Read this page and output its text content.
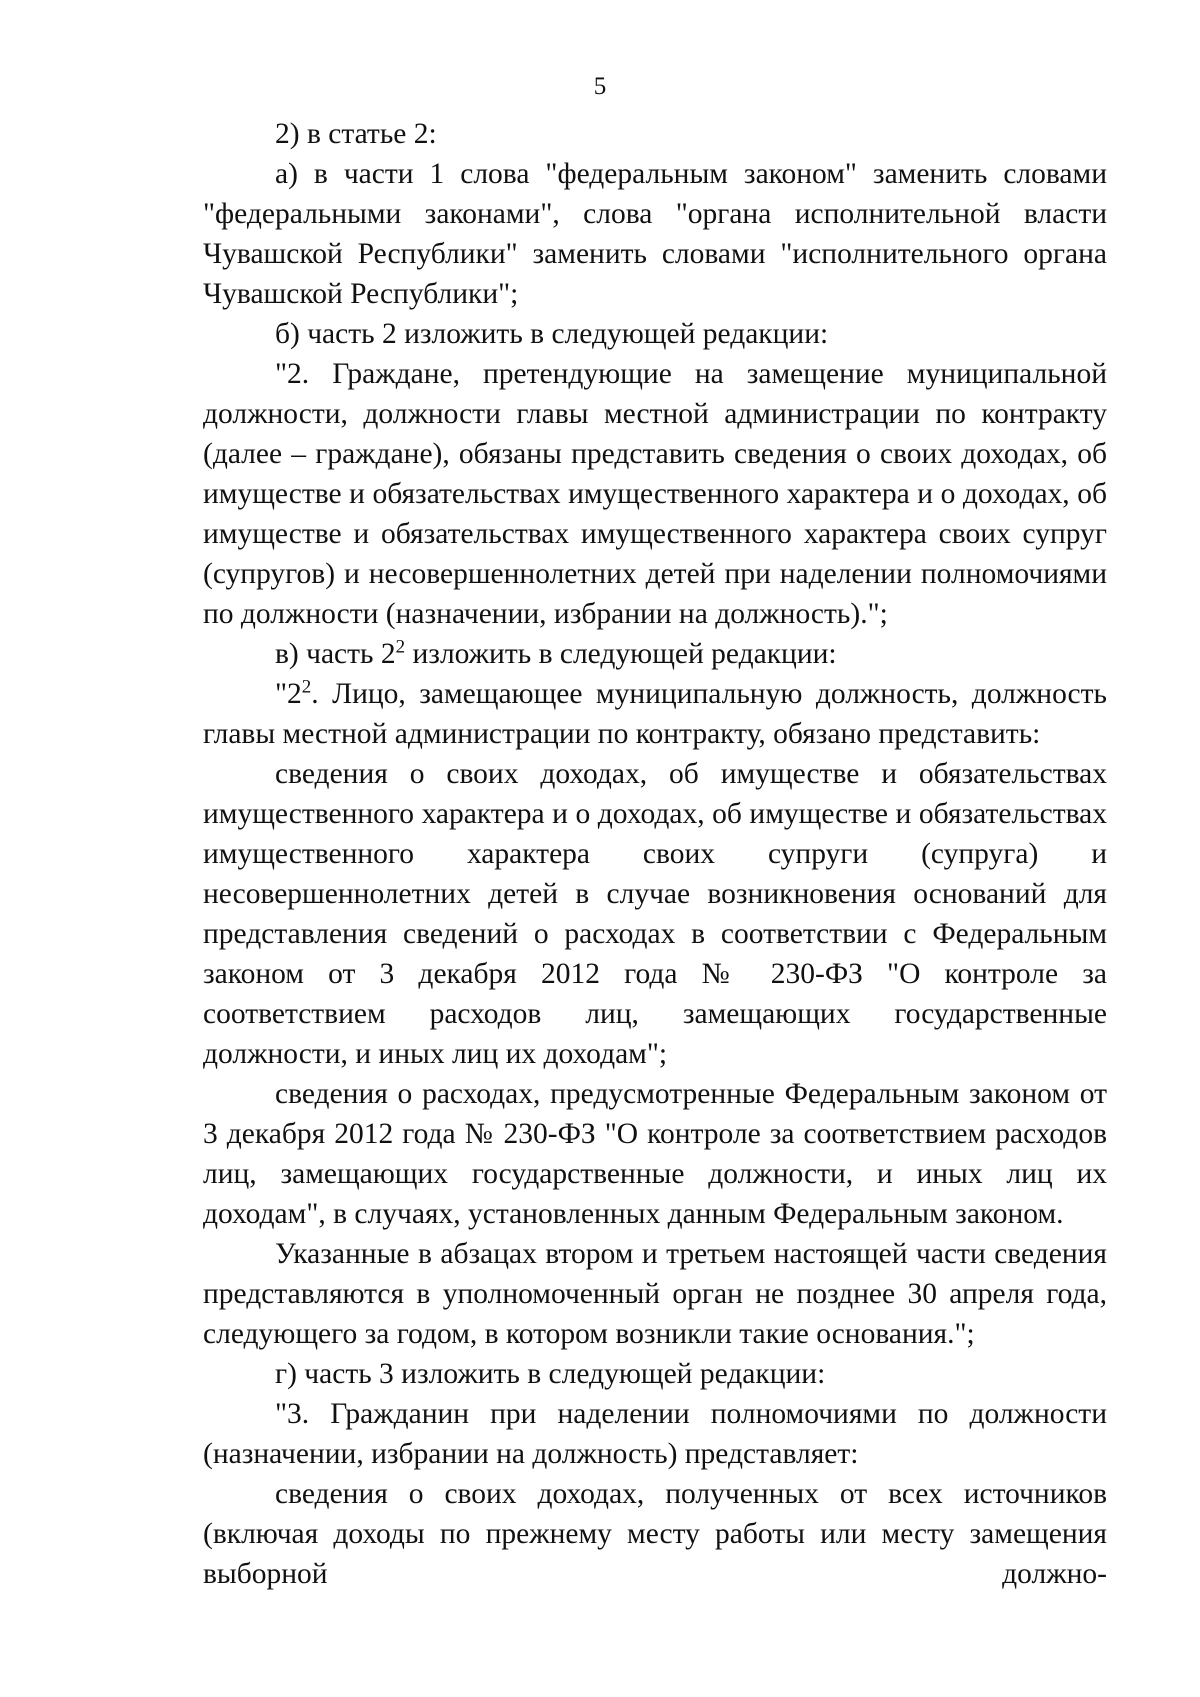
5

2) в статье 2:

а) в части 1 слова "федеральным законом" заменить словами "федеральными законами", слова "органа исполнительной власти Чувашской Республики" заменить словами "исполнительного органа Чувашской Республики";

б) часть 2 изложить в следующей редакции:

"2. Граждане, претендующие на замещение муниципальной должности, должности главы местной администрации по контракту (далее – граждане), обязаны представить сведения о своих доходах, об имуществе и обязательствах имущественного характера и о доходах, об имуществе и обязательствах имущественного характера своих супруг (супругов) и несовершеннолетних детей при наделении полномочиями по должности (назначении, избрании на должность).";

в) часть $2^2$ изложить в следующей редакции:

"$2^2$. Лицо, замещающее муниципальную должность, должность главы местной администрации по контракту, обязано представить:

сведения о своих доходах, об имуществе и обязательствах имущественного характера и о доходах, об имуществе и обязательствах имущественного характера своих супруги (супруга) и несовершеннолетних детей в случае возникновения оснований для представления сведений о расходах в соответствии с Федеральным законом от 3 декабря 2012 года № 230-ФЗ "О контроле за соответствием расходов лиц, замещающих государственные должности, и иных лиц их доходам";

сведения о расходах, предусмотренные Федеральным законом от 3 декабря 2012 года № 230-ФЗ "О контроле за соответствием расходов лиц, замещающих государственные должности, и иных лиц их доходам", в случаях, установленных данным Федеральным законом.

Указанные в абзацах втором и третьем настоящей части сведения представляются в уполномоченный орган не позднее 30 апреля года, следующего за годом, в котором возникли такие основания.";

г) часть 3 изложить в следующей редакции:

"3. Гражданин при наделении полномочиями по должности (назначении, избрании на должность) представляет:

сведения о своих доходах, полученных от всех источников (включая доходы по прежнему месту работы или месту замещения выборной должно-
